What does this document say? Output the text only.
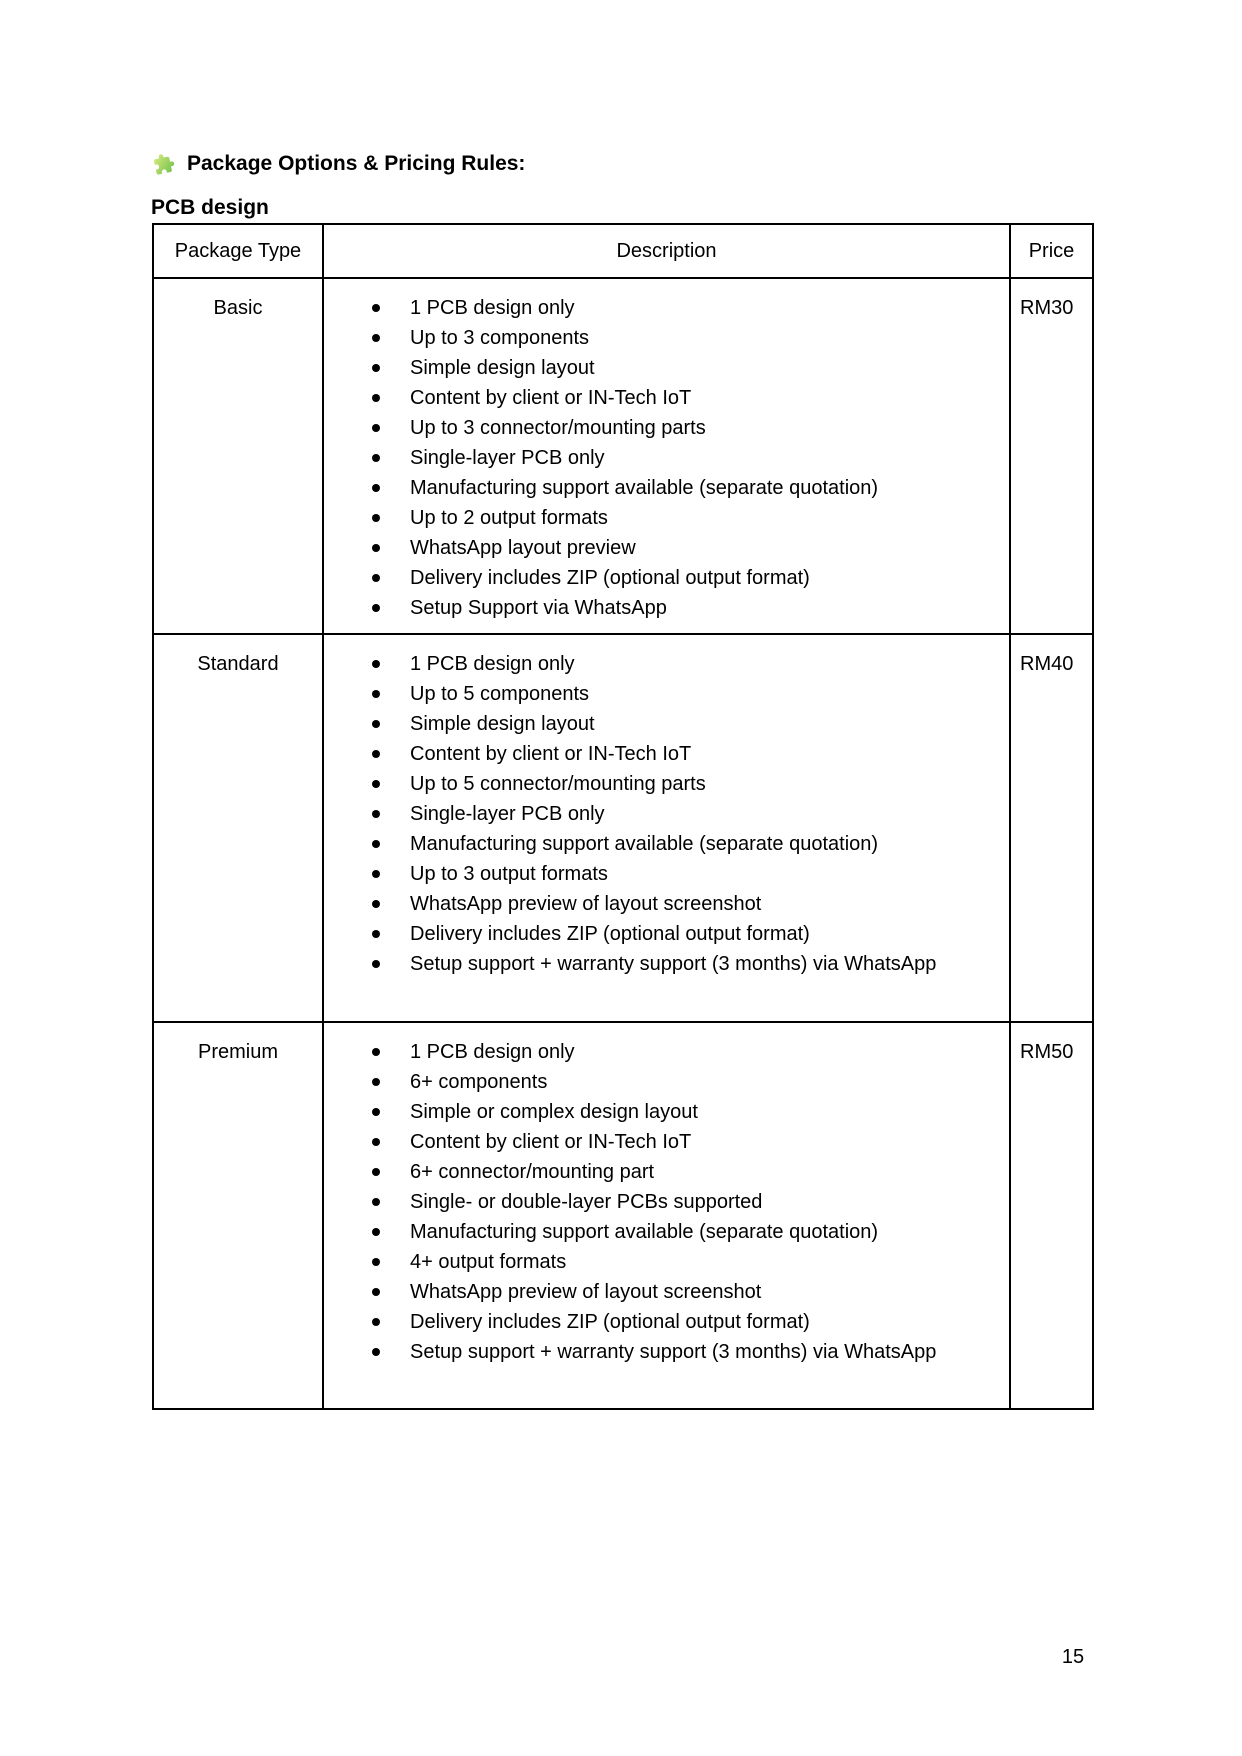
Package Options & Pricing Rules:
PCB design
Package Type	Description	Price
Basic	1 PCB design only
Up to 3 components
Simple design layout
Content by client or IN-Tech IoT
Up to 3 connector/mounting parts
Single-layer PCB only
Manufacturing support available (separate quotation)
Up to 2 output formats
WhatsApp layout preview
Delivery includes ZIP (optional output format)
Setup Support via WhatsApp
	RM30
Standard	1 PCB design only
Up to 5 components
Simple design layout
Content by client or IN-Tech IoT
Up to 5 connector/mounting parts
Single-layer PCB only
Manufacturing support available (separate quotation)
Up to 3 output formats
WhatsApp preview of layout screenshot
Delivery includes ZIP (optional output format)
Setup support + warranty support (3 months) via WhatsApp
	RM40
Premium	1 PCB design only
6+ components
Simple or complex design layout
Content by client or IN-Tech IoT
6+ connector/mounting part
Single- or double-layer PCBs supported
Manufacturing support available (separate quotation)
4+ output formats
WhatsApp preview of layout screenshot
Delivery includes ZIP (optional output format)
Setup support + warranty support (3 months) via WhatsApp
	RM50
15
